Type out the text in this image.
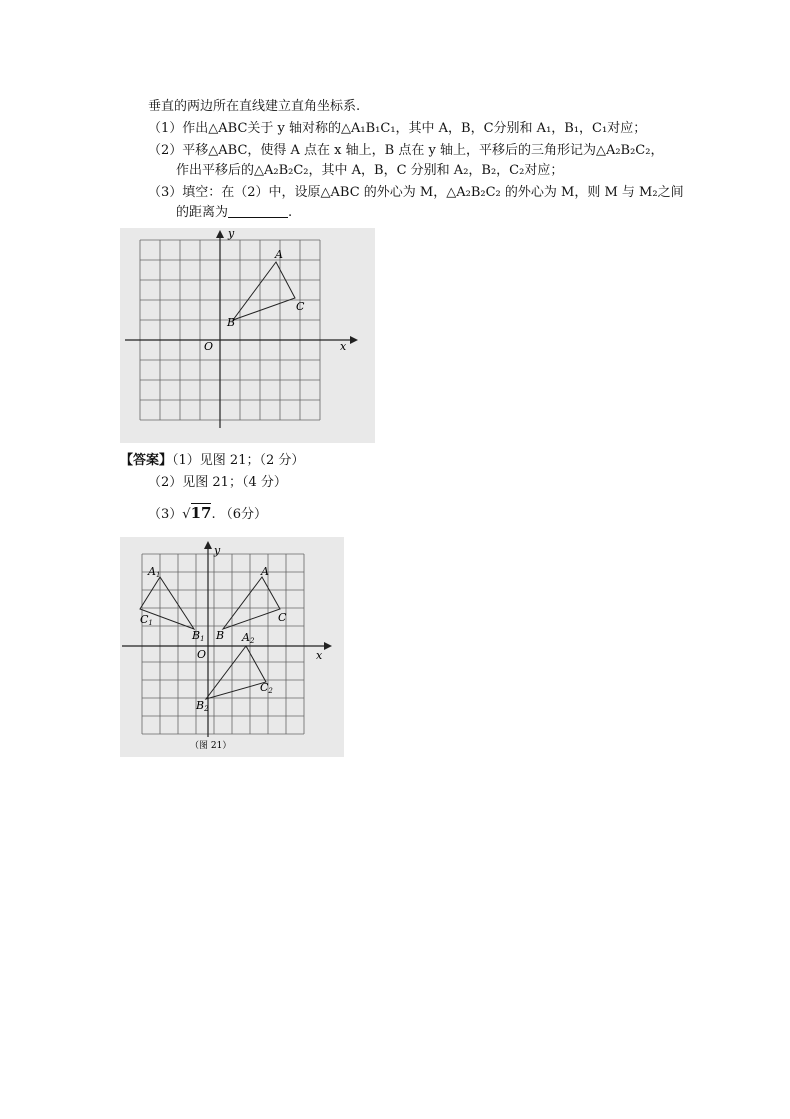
垂直的两边所在直线建立直角坐标系.
（1）作出△ABC关于 y 轴对称的△A₁B₁C₁，其中 A，B，C分别和 A₁，B₁，C₁对应；
（2）平移△ABC，使得 A 点在 x 轴上，B 点在 y 轴上，平移后的三角形记为△A₂B₂C₂，
作出平移后的△A₂B₂C₂，其中 A，B，C 分别和 A₂，B₂，C₂对应；
（3）填空：在（2）中，设原△ABC 的外心为 M，△A₂B₂C₂ 的外心为 M，则 M 与 M₂之间
的距离为	.
y
x
O
A
B
C
【答案】（1）见图 21；（2 分）
（2）见图 21；（4 分）
（3）√17. （6分）
y
x
O
A
B
C
A1
B1
C1
A2
B2
C2
（图 21）
